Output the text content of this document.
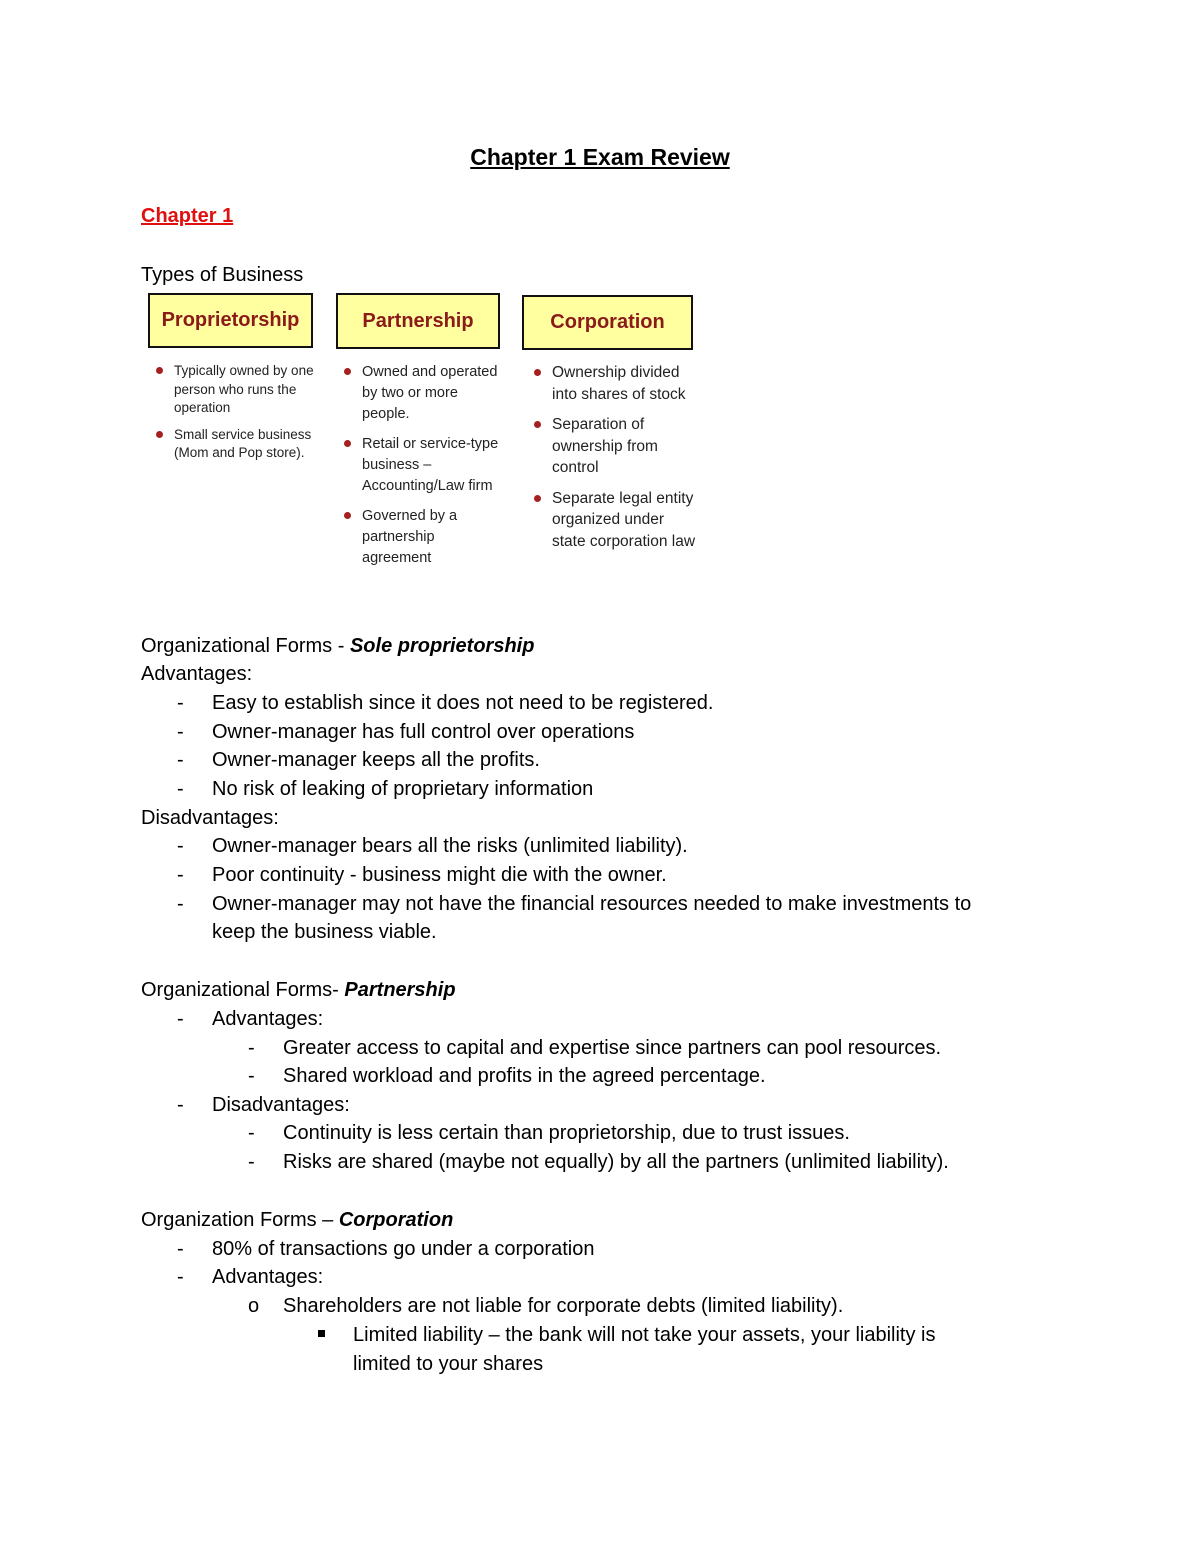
Chapter 1 Exam Review
Chapter 1

Types of Business

Proprietorship	Partnership	Corporation
Typically owned by one person who runs the operation
Small service business (Mom and Pop store).
Owned and operated by two or more people.
Retail or service-type business – Accounting/Law firm
Governed by a partnership agreement
Ownership divided into shares of stock
Separation of ownership from control
Separate legal entity organized under state corporation law

Organizational Forms - Sole proprietorship

Advantages:

- Easy to establish since it does not need to be registered.

- Owner-manager has full control over operations

- Owner-manager keeps all the profits.

- No risk of leaking of proprietary information

Disadvantages:

- Owner-manager bears all the risks (unlimited liability).

- Poor continuity - business might die with the owner.

- Owner-manager may not have the financial resources needed to make investments to

keep the business viable.

Organizational Forms- Partnership

- Advantages:

- Greater access to capital and expertise since partners can pool resources.

- Shared workload and profits in the agreed percentage.

- Disadvantages:

- Continuity is less certain than proprietorship, due to trust issues.

- Risks are shared (maybe not equally) by all the partners (unlimited liability).

Organization Forms – Corporation

- 80% of transactions go under a corporation

- Advantages:

o Shareholders are not liable for corporate debts (limited liability).

Limited liability – the bank will not take your assets, your liability is

limited to your shares
